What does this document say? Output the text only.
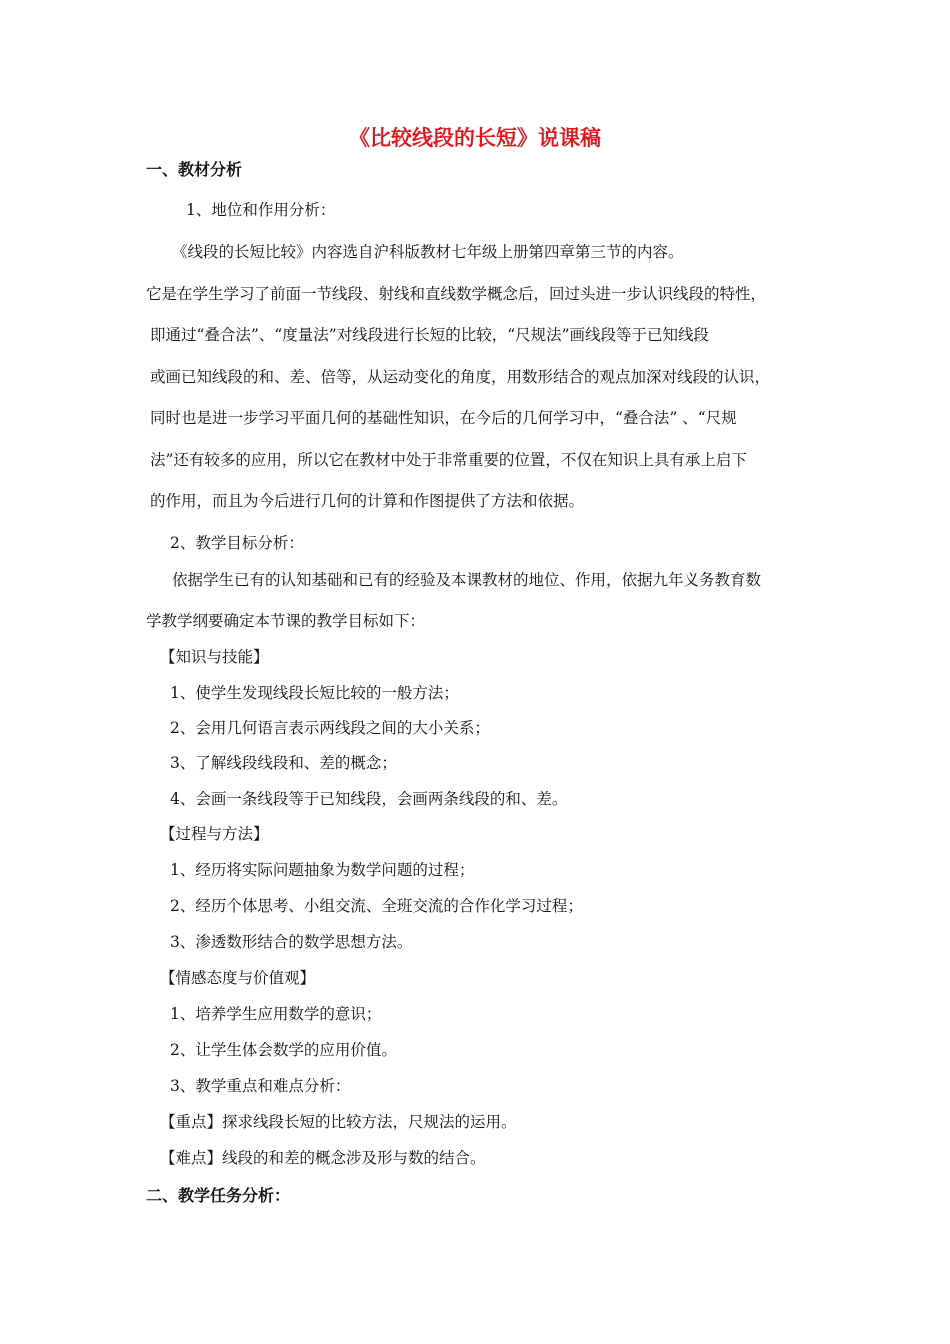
《比较线段的长短》说课稿
一、教材分析
1、地位和作用分析：
《线段的长短比较》内容选自沪科版教材七年级上册第四章第三节的内容。
它是在学生学习了前面一节线段、射线和直线数学概念后，回过头进一步认识线段的特性，
即通过“叠合法”、“度量法”对线段进行长短的比较，“尺规法”画线段等于已知线段
或画已知线段的和、差、倍等，从运动变化的角度，用数形结合的观点加深对线段的认识，
同时也是进一步学习平面几何的基础性知识，在今后的几何学习中，“叠合法” 、“尺规
法”还有较多的应用，所以它在教材中处于非常重要的位置，不仅在知识上具有承上启下
的作用，而且为今后进行几何的计算和作图提供了方法和依据。
2、教学目标分析：
依据学生已有的认知基础和已有的经验及本课教材的地位、作用，依据九年义务教育数
学教学纲要确定本节课的教学目标如下：
【知识与技能】
1、使学生发现线段长短比较的一般方法；
2、会用几何语言表示两线段之间的大小关系；
3、了解线段线段和、差的概念；
4、会画一条线段等于已知线段，会画两条线段的和、差。
【过程与方法】
1、经历将实际问题抽象为数学问题的过程；
2、经历个体思考、小组交流、全班交流的合作化学习过程；
3、渗透数形结合的数学思想方法。
【情感态度与价值观】
1、培养学生应用数学的意识；
2、让学生体会数学的应用价值。
3、教学重点和难点分析：
【重点】探求线段长短的比较方法，尺规法的运用。
【难点】线段的和差的概念涉及形与数的结合。
二、教学任务分析：
